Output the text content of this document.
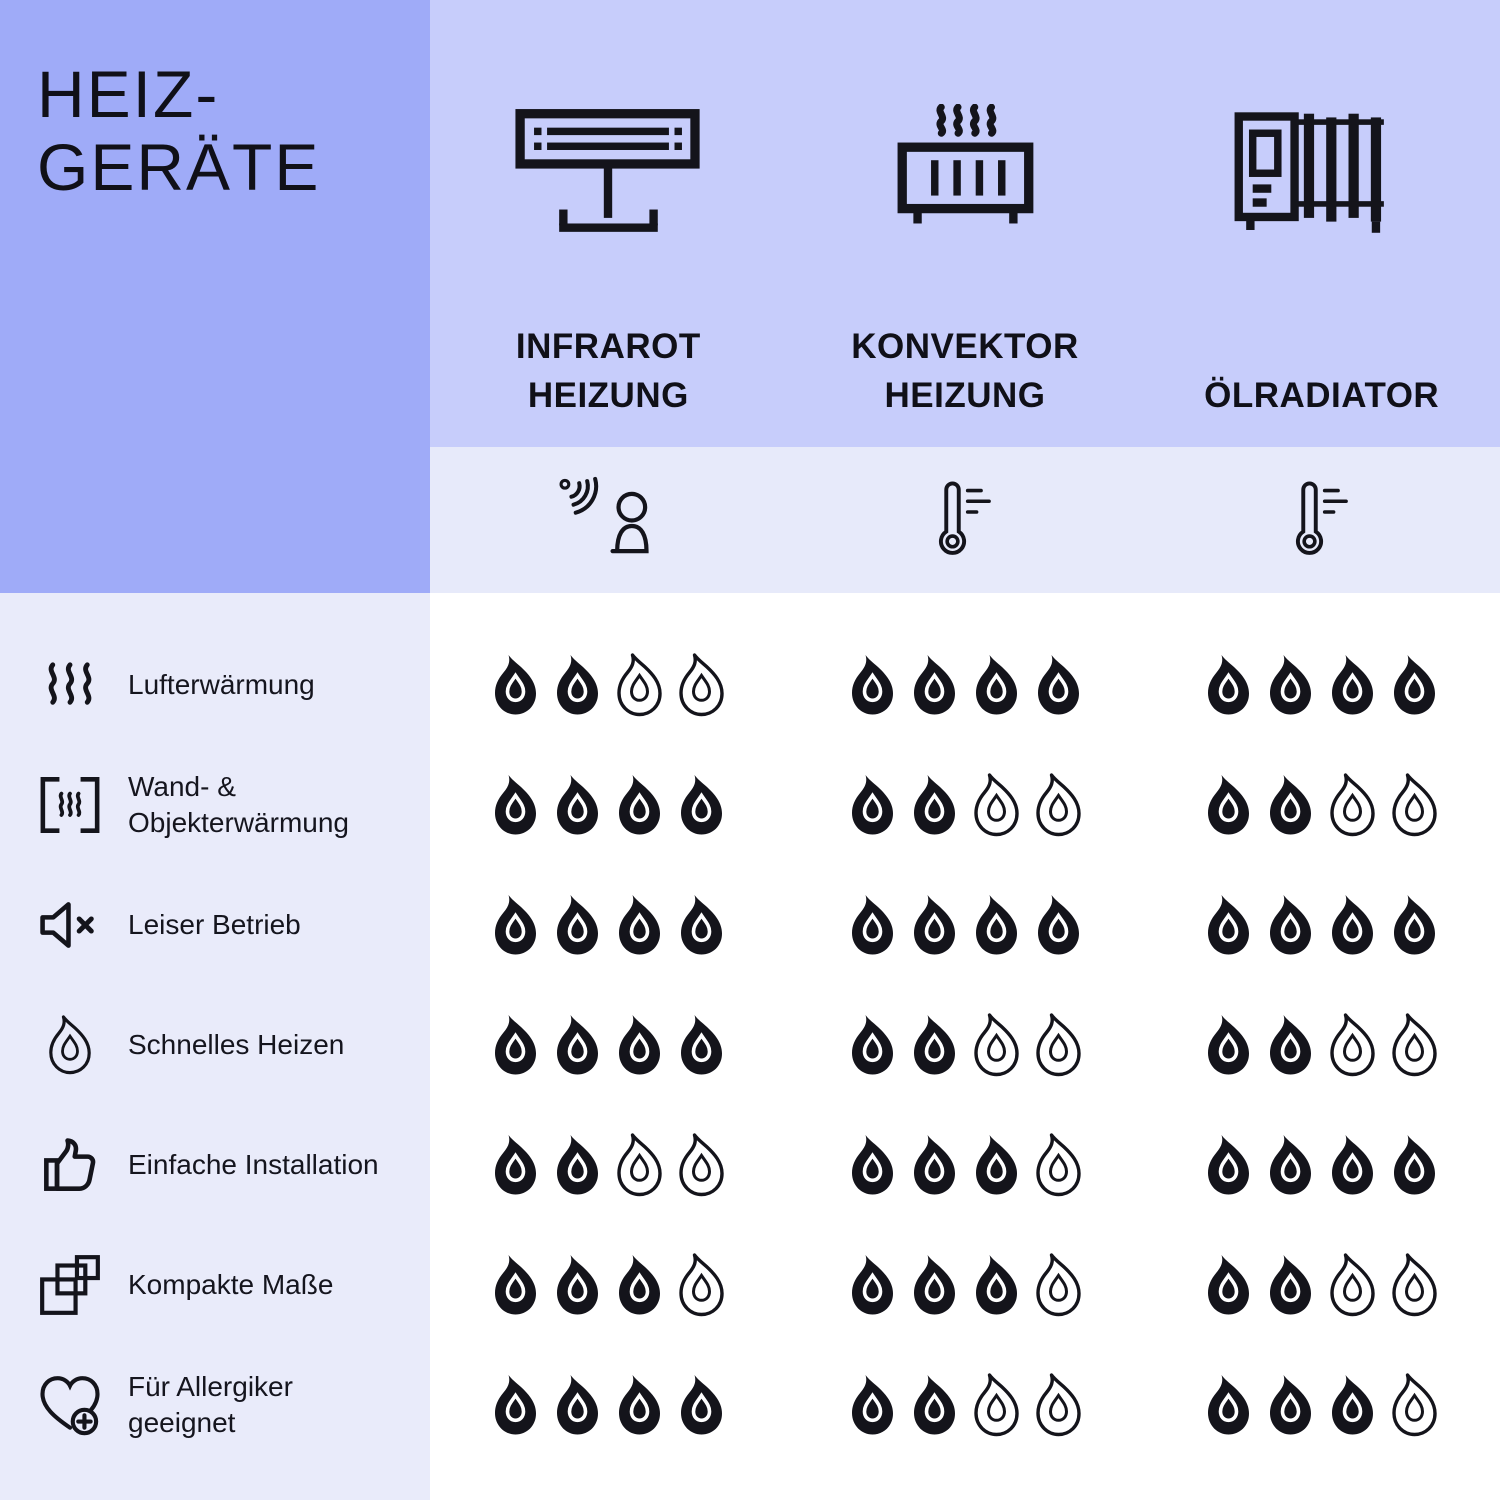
HEIZ-
GERÄTE
INFRAROT
HEIZUNG
KONVEKTOR
HEIZUNG	ÖLRADIATOR
Lufterwärmung
Wand- &
Objekterwärmung
Leiser Betrieb
Schnelles Heizen
Einfache Installation
Kompakte Maße
Für Allergiker
geeignet
